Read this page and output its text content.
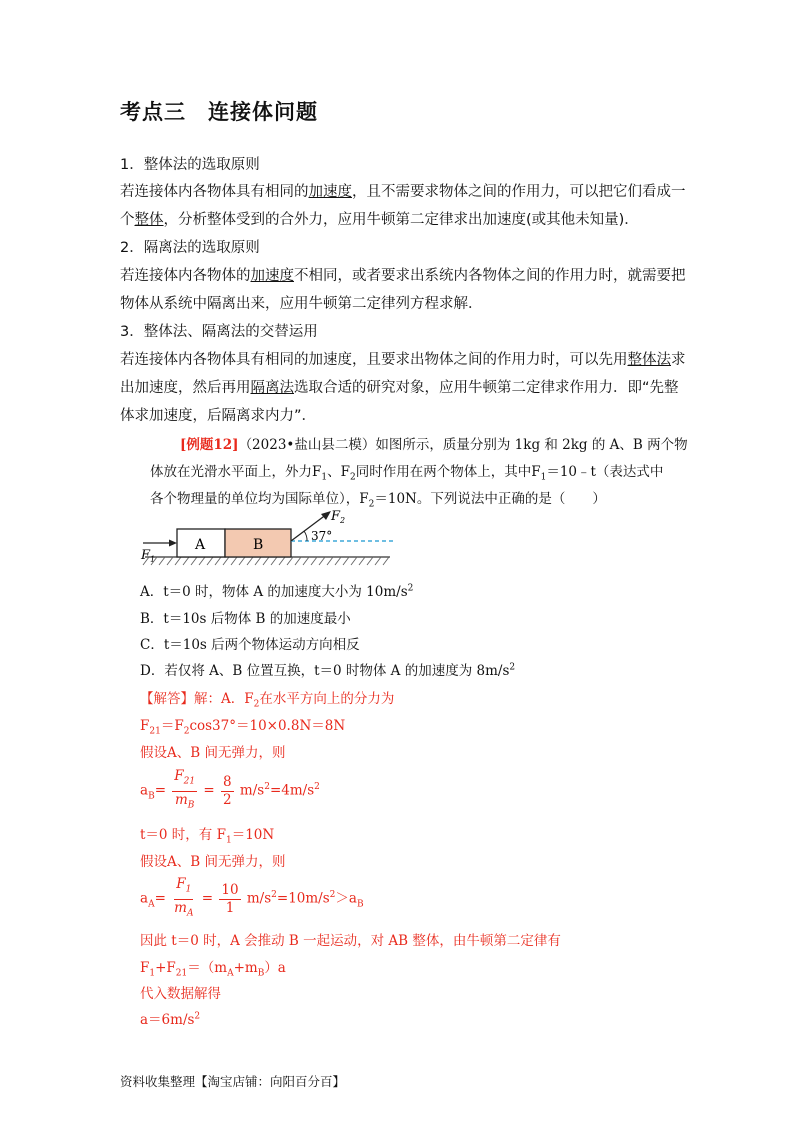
考点三　连接体问题
1．整体法的选取原则
若连接体内各物体具有相同的加速度，且不需要求物体之间的作用力，可以把它们看成一
个整体，分析整体受到的合外力，应用牛顿第二定律求出加速度(或其他未知量)．
2．隔离法的选取原则
若连接体内各物体的加速度不相同，或者要求出系统内各物体之间的作用力时，就需要把
物体从系统中隔离出来，应用牛顿第二定律列方程求解．
3．整体法、隔离法的交替运用
若连接体内各物体具有相同的加速度，且要求出物体之间的作用力时，可以先用整体法求
出加速度，然后再用隔离法选取合适的研究对象，应用牛顿第二定律求作用力．即“先整
体求加速度，后隔离求内力”．
[例题12]（2023•盐山县二模）如图所示，质量分别为 1kg 和 2kg 的 A、B 两个物
体放在光滑水平面上，外力$F_1$、$F_2$同时作用在两个物体上，其中$F_1=10﹣t$（表达式中
各个物理量的单位均为国际单位），$F_2=10N$。下列说法中正确的是（　　）
A	B
$F_1$
$F_2$
37°
A．t＝0 时，物体 A 的加速度大小为 $10m/s^2$
B．t＝10s 后物体 B 的加速度最小
C．t＝10s 后两个物体运动方向相反
D．若仅将 A、B 位置互换，t＝0 时物体 A 的加速度为 $8m/s^2$
【解答】解：A．$F_2$在水平方向上的分力为
$F_{21}=F_2\cos 37^\circ=10\times 0.8N=8N$
假设A、B 间无弹力，则
$a_B= \frac{F_{21}}{m_B} = \frac{8}{2} m/s^2=4m/s^2$
t＝0 时，有 $F_1=10N$
假设A、B 间无弹力，则
$a_A= \frac{F_1}{m_A} = \frac{10}{1} m/s^2=10m/s^2>a_B$
因此 t＝0 时，A 会推动 B 一起运动，对 AB 整体，由牛顿第二定律有
$F_1+F_{21}=(m_A+m_B)a$
代入数据解得
$a=6m/s^2$
资料收集整理【淘宝店铺：向阳百分百】
